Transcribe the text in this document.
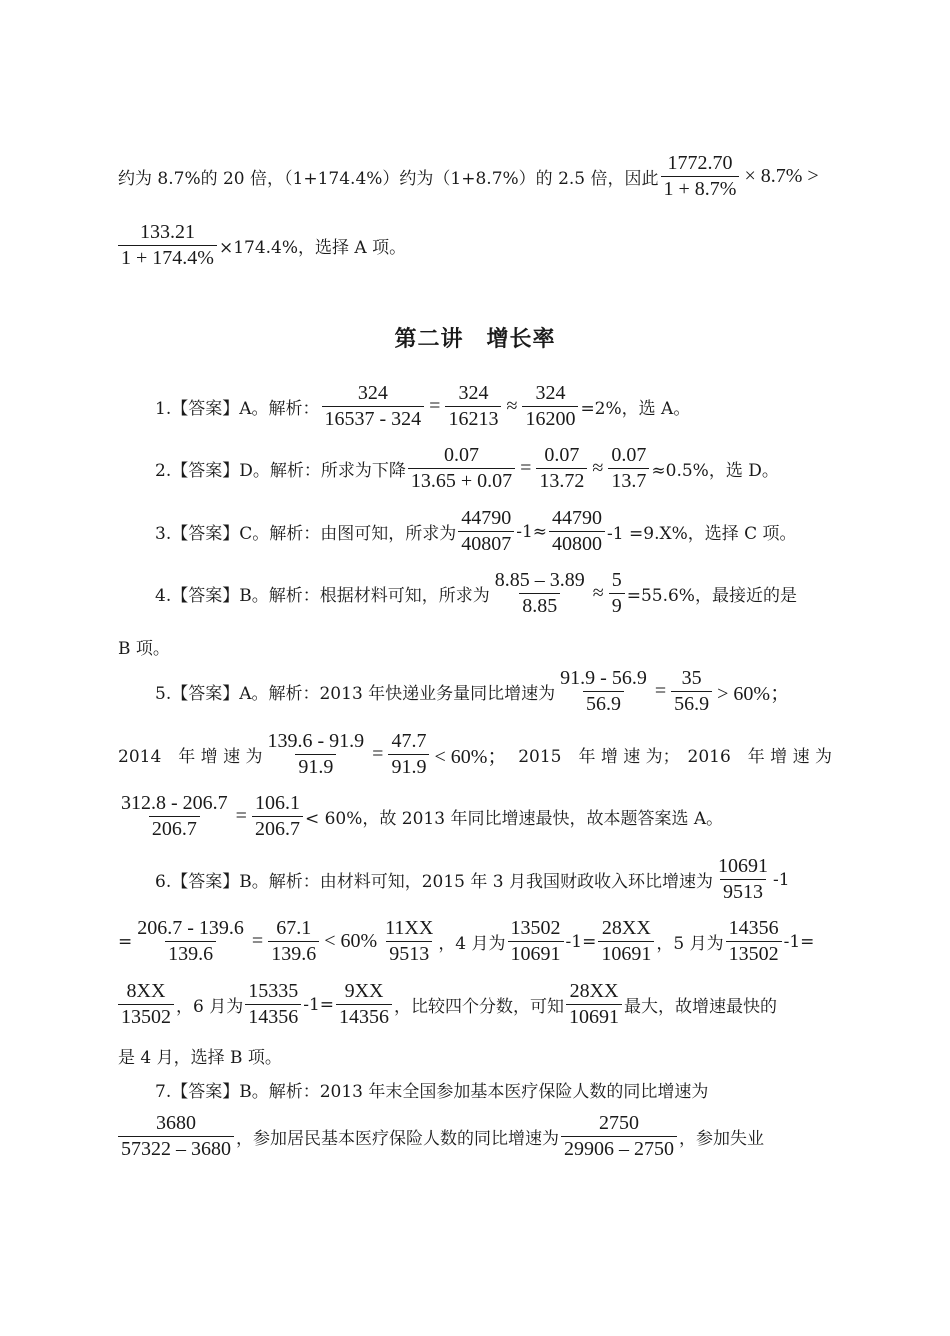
约为 8.7%的 20 倍，（1+174.4%）约为（1+8.7%）的 2.5 倍，因此 $\frac{1772.70}{1 + 8.7\%} \times 8.7\%$ >
$\frac{133.21}{1 + 174.4\%} \times 174.4\%$，选择 A 项。
第二讲　增长率
1.【答案】A。解析： $\frac{324}{16537 - 324} = \frac{324}{16213} \approx \frac{324}{16200} =2\%$，选 A。
2.【答案】D。解析：所求为下降 $\frac{0.07}{13.65 + 0.07} = \frac{0.07}{13.72} \approx \frac{0.07}{13.7} \approx 0.5\%$，选 D。
3.【答案】C。解析：由图可知，所求为 $\frac{44790}{40807} -1\approx \frac{44790}{40800} -1 =9.X\%$，选择 C 项。
4.【答案】B。解析：根据材料可知，所求为 $\frac{8.85 - 3.89}{8.85} \approx \frac{5}{9} =55.6\%$，最接近的是
B 项。
5.【答案】A。解析：2013 年快递业务量同比增速为 $\frac{91.9 - 56.9}{56.9} = \frac{35}{56.9} > 60\%$；
2014　年 增 速 为 $\frac{139.6 - 91.9}{91.9} = \frac{47.7}{91.9} < 60\%$； 2015　年 增 速 为； 2016　年 增 速 为
$\frac{312.8 - 206.7}{206.7} = \frac{106.1}{206.7} < 60\%$，故 2013 年同比增速最快，故本题答案选 A。
6.【答案】B。解析：由材料可知，2015 年 3 月我国财政收入环比增速为 $\frac{10691}{9513} -1$
= $\frac{206.7 - 139.6}{139.6} = \frac{67.1}{139.6} < 60\% \frac{11XX}{9513}$ ，4 月为 $\frac{13502}{10691} -1= \frac{28XX}{10691}$ ，5 月为 $\frac{14356}{13502} -1=$
$\frac{8XX}{13502}$ ，6 月为 $\frac{15335}{14356} -1= \frac{9XX}{14356}$ ，比较四个分数，可知 $\frac{28XX}{10691}$ 最大，故增速最快的
是 4 月，选择 B 项。
7.【答案】B。解析：2013 年末全国参加基本医疗保险人数的同比增速为
$\frac{3680}{57322 - 3680}$ ，参加居民基本医疗保险人数的同比增速为 $\frac{2750}{29906 - 2750}$ ，参加失业
